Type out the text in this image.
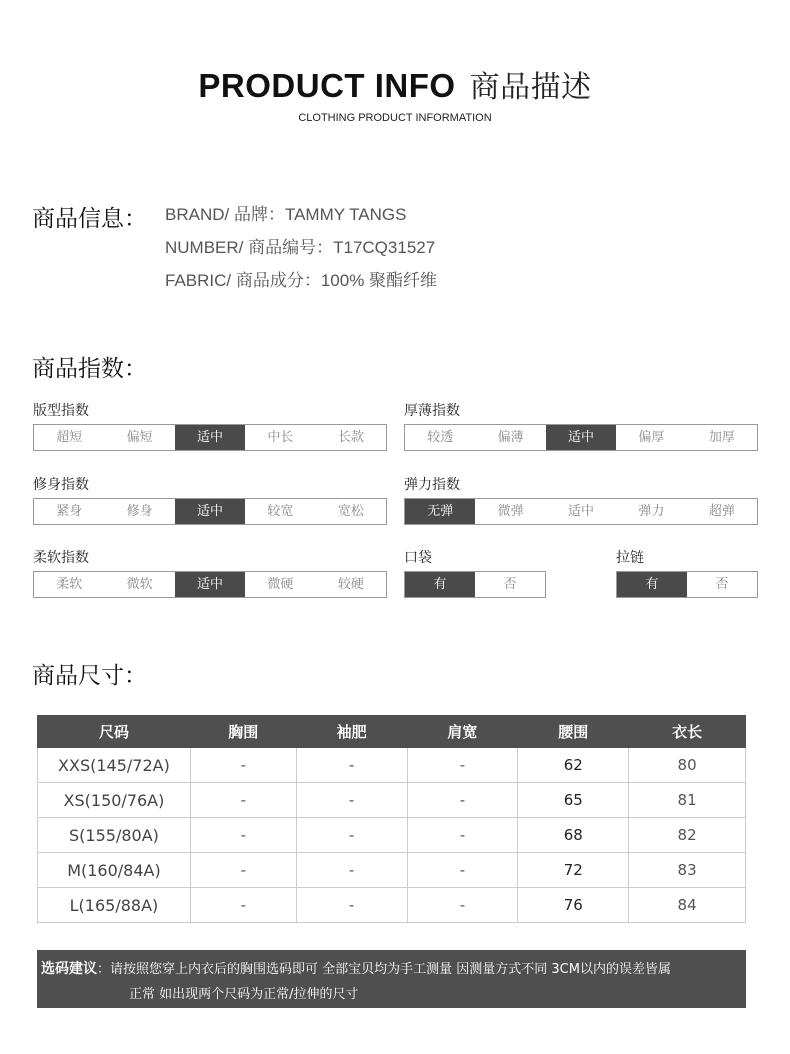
PRODUCT INFO 商品描述
CLOTHING PRODUCT INFORMATION
商品信息： BRAND/ 品牌：TAMMY TANGS
NUMBER/ 商品编号：T17CQ31527
FABRIC/ 商品成分：100% 聚酯纤维
商品指数：
版型指数
超短	偏短	适中	中长	长款
厚薄指数
较透	偏薄	适中	偏厚	加厚
修身指数
紧身	修身	适中	较宽	宽松
弹力指数
无弹	微弹	适中	弹力	超弹
柔软指数
柔软	微软	适中	微硬	较硬
口袋
有	否
拉链
有	否
商品尺寸：
尺码	胸围	袖肥	肩宽	腰围	衣长
XXS(145/72A)	-	-	-	62	80
XS(150/76A)	-	-	-	65	81
S(155/80A)	-	-	-	68	82
M(160/84A)	-	-	-	72	83
L(165/88A)	-	-	-	76	84
选码建议：请按照您穿上内衣后的胸围选码即可 全部宝贝均为手工测量 因测量方式不同 3CM以内的误差皆属
正常 如出现两个尺码为正常/拉伸的尺寸
